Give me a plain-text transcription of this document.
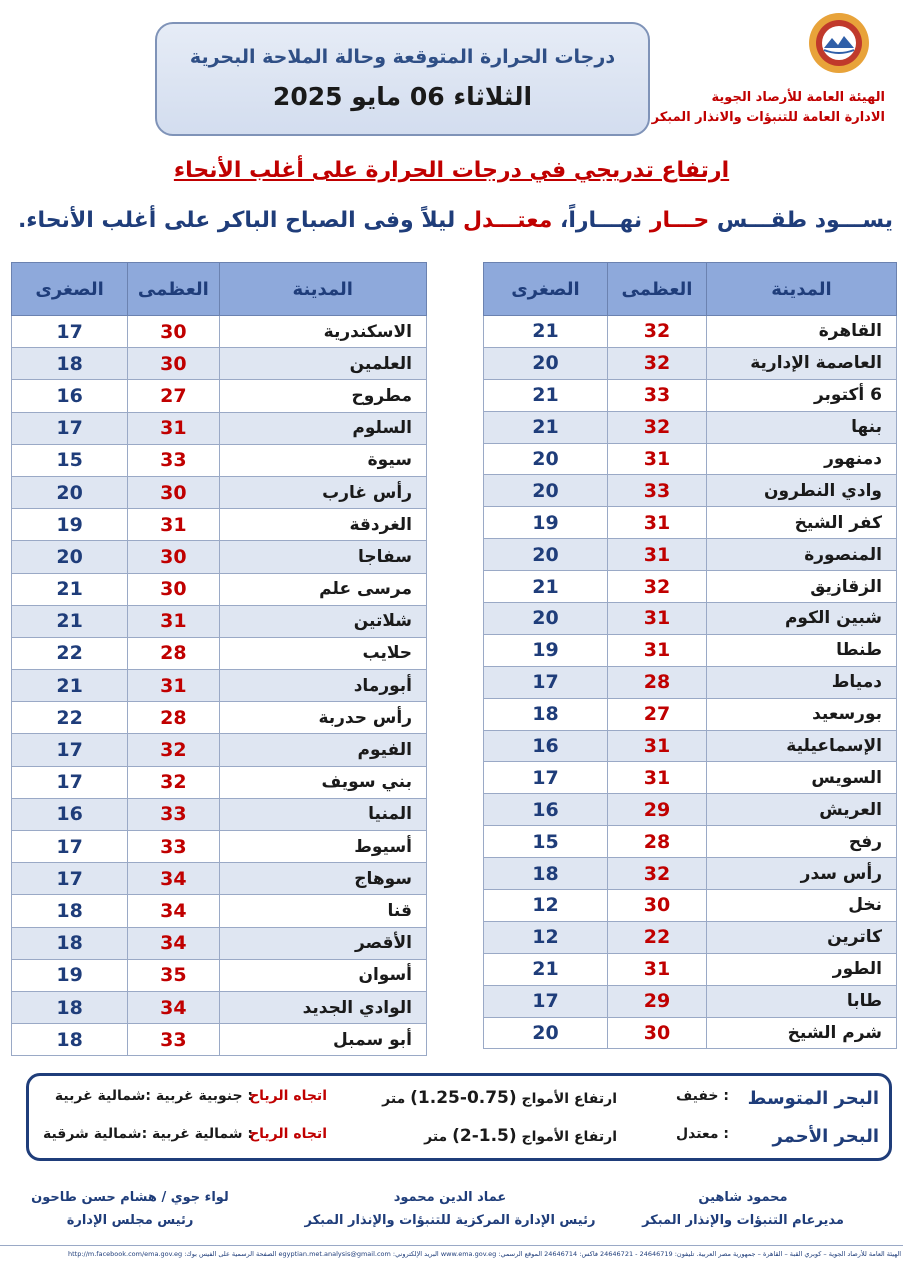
درجات الحرارة المتوقعة وحالة الملاحة البحرية
الثلاثاء 06 مايو 2025	الهيئة العامة للأرصاد الجوية
الادارة العامة للتنبؤات والانذار المبكر
ارتفاع تدريجي في درجات الحرارة على أغلب الأنحاء
يســـود طقـــس حـــار نهـــاراً، معتـــدل ليلاً وفى الصباح الباكر على أغلب الأنحاء.
المدينة	العظمى	الصغرى
القاهرة	32	21
العاصمة الإدارية	32	20
6 أكتوبر	33	21
بنها	32	21
دمنهور	31	20
وادي النطرون	33	20
كفر الشيخ	31	19
المنصورة	31	20
الزقازيق	32	21
شبين الكوم	31	20
طنطا	31	19
دمياط	28	17
بورسعيد	27	18
الإسماعيلية	31	16
السويس	31	17
العريش	29	16
رفح	28	15
رأس سدر	32	18
نخل	30	12
كاترين	22	12
الطور	31	21
طابا	29	17
شرم الشيخ	30	20
المدينة	العظمى	الصغرى
الاسكندرية	30	17
العلمين	30	18
مطروح	27	16
السلوم	31	17
سيوة	33	15
رأس غارب	30	20
الغردقة	31	19
سفاجا	30	20
مرسى علم	30	21
شلاتين	31	21
حلايب	28	22
أبورماد	31	21
رأس حدربة	28	22
الفيوم	32	17
بني سويف	32	17
المنيا	33	16
أسيوط	33	17
سوهاج	34	17
قنا	34	18
الأقصر	34	18
أسوان	35	19
الوادي الجديد	34	18
أبو سمبل	33	18
البحر المتوسط
: خفيف
ارتفاع الأمواج (0.75-1.25) متر
اتجاه الرياح
: جنوبية غربية :شمالية غربية
البحر الأحمر
: معتدل
ارتفاع الأمواج (1.5-2) متر
اتجاه الرياح
: شمالية غربية :شمالية شرقية
محمود شاهين
مديرعام التنبؤات والإنذار المبكر
عماد الدين محمود
رئيس الإدارة المركزية للتنبؤات والإنذار المبكر
لواء جوي / هشام حسن طاحون
رئيس مجلس الإدارة
الهيئة العامة للأرصاد الجوية – كوبري القبة – القاهرة – جمهورية مصر العربية. تليفون: 24646719 - 24646721 فاكس: 24646714 الموقع الرسمي: www.ema.gov.eg البريد الإلكتروني: egyptian.met.analysis@gmail.com الصفحة الرسمية على الفيس بوك: http://m.facebook.com/ema.gov.eg
